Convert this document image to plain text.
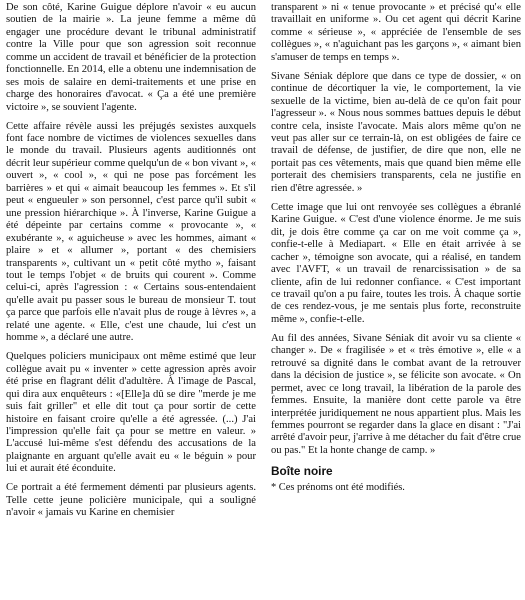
De son côté, Karine Guigue déplore n'avoir « eu aucun soutien de la mairie ». La jeune femme a même dû engager une procédure devant le tribunal administratif contre la Ville pour que son agression soit reconnue comme un accident de travail et bénéficier de la protection fonctionnelle. En 2014, elle a obtenu une indemnisation de ses mois de salaire en demi-traitements et une prise en charge des honoraires d'avocat. « Ça a été une première victoire », se souvient l'agente.

Cette affaire révèle aussi les préjugés sexistes auxquels font face nombre de victimes de violences sexuelles dans le monde du travail. Plusieurs agents auditionnés ont décrit leur supérieur comme quelqu'un de « bon vivant », « ouvert », « cool », « qui ne pose pas forcément les barrières » et qui « aimait beaucoup les femmes ». Et s'il peut « engueuler » son personnel, c'est parce qu'il subit « une pression hiérarchique ». À l'inverse, Karine Guigue a été dépeinte par certains comme « provocante », « exubérante », « aguicheuse » avec les hommes, aimant « plaire » et « allumer », portant « des chemisiers transparents », cultivant un « petit côté mytho », faisant tout le temps l'objet « de bruits qui courent ». Comme celui-ci, après l'agression : « Certains sous-entendaient qu'elle avait pu passer sous le bureau de monsieur T. tout ça parce que parfois elle n'avait plus de rouge à lèvres », a relaté une agente. « Elle, c'est une chaude, lui c'est un homme », a déclaré une autre.

Quelques policiers municipaux ont même estimé que leur collègue avait pu « inventer » cette agression après avoir été prise en flagrant délit d'adultère. À l'image de Pascal, qui dira aux enquêteurs : «[Elle]a dû se dire "merde je me suis fait griller" et elle dit tout ça pour sortir de cette histoire en faisant croire qu'elle a été agressée. (...) J'ai l'impression qu'elle fait ça pour se mettre en valeur. » L'accusé lui-même s'est défendu des accusations de la plaignante en arguant qu'elle avait eu « le béguin » pour lui et aurait été éconduite.

Ce portrait a été fermement démenti par plusieurs agents. Telle cette jeune policière municipale, qui a souligné n'avoir « jamais vu Karine en chemisier

transparent » ni « tenue provocante » et précisé qu'« elle travaillait en uniforme ». Ou cet agent qui décrit Karine comme « sérieuse », « appréciée de l'ensemble de ses collègues », « n'aguichant pas les garçons », « aimant bien s'amuser de temps en temps ».

Sivane Séniak déplore que dans ce type de dossier, « on continue de décortiquer la vie, le comportement, la vie sexuelle de la victime, bien au-delà de ce qu'on fait pour l'agresseur ». « Nous nous sommes battues depuis le début contre cela, insiste l'avocate. Mais alors même qu'on ne veut pas aller sur ce terrain-là, on est obligées de faire ce travail de défense, de justifier, de dire que non, elle ne portait pas ces vêtements, mais que quand bien même elle porterait des chemisiers transparents, cela ne justifie en rien d'être agressée. »

Cette image que lui ont renvoyée ses collègues a ébranlé Karine Guigue. « C'est d'une violence énorme. Je me suis dit, je dois être comme ça car on me voit comme ça », confie-t-elle à Mediapart. « Elle en était arrivée à se cacher », témoigne son avocate, qui a réalisé, en tandem avec l'AVFT, « un travail de renarcissisation » de sa cliente, afin de lui redonner confiance. « C'est important ce travail qu'on a pu faire, toutes les trois. À chaque sortie de ces rendez-vous, je me sentais plus forte, reconstruite même », confie-t-elle.

Au fil des années, Sivane Séniak dit avoir vu sa cliente « changer ». De « fragilisée » et « très émotive », elle « a retrouvé sa dignité dans le combat avant de la retrouver dans la décision de justice », se félicite son avocate. « On permet, avec ce long travail, la libération de la parole des femmes. Ensuite, la manière dont cette parole va être interprétée juridiquement ne nous appartient plus. Mais les femmes pourront se regarder dans la glace en disant : "J'ai arrêté d'avoir peur, j'arrive à me détacher du fait d'être crue ou pas." Et la honte change de camp. »

Boîte noire

* Ces prénoms ont été modifiés.
